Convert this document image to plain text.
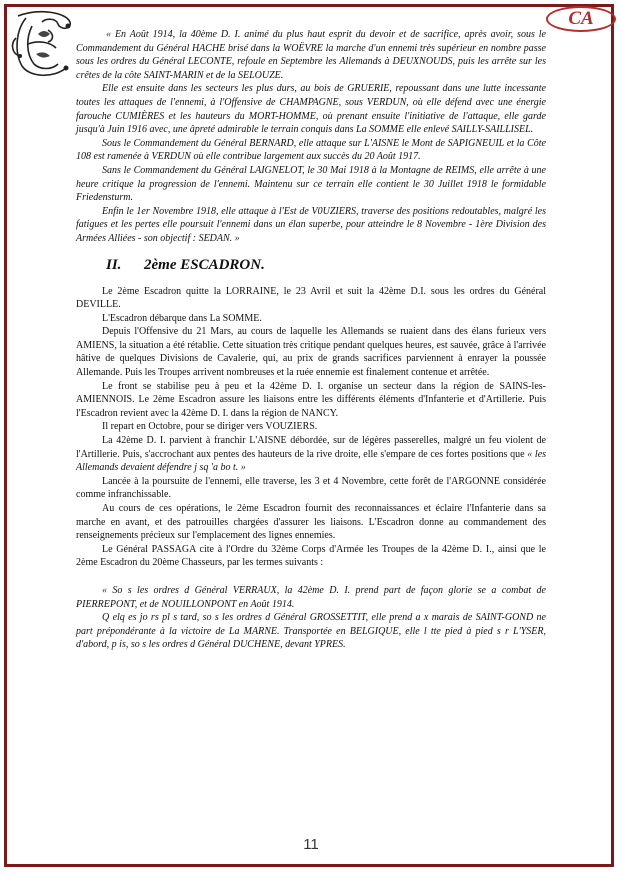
CA

« En Août 1914, la 40ème D. I. animé du plus haut esprit du devoir et de sacrifice, après avoir, sous le Commandement du Général HACHE brisé dans la WOËVRE la marche d'un ennemi très supérieur en nombre passe sous les ordres du Général LECONTE, refoule en Septembre les Allemands à DEUXNOUDS, puis les arrête sur les crêtes de la côte SAINT-MARIN et de la SELOUZE.

Elle est ensuite dans les secteurs les plus durs, au bois de GRUERIE, repoussant dans une lutte incessante toutes les attaques de l'ennemi, à l'Offensive de CHAMPAGNE, sous VERDUN, où elle défend avec une énergie farouche CUMIÈRES et les hauteurs du MORT-HOMME, où prenant ensuite l'initiative de l'attaque, elle garde jusqu'à Juin 1916 avec, une âpreté admirable le terrain conquis dans La SOMME elle enlevé SAILLY-SAILLISEL.

Sous le Commandement du Général BERNARD, elle attaque sur L'AISNE le Mont de SAPIGNEUIL et la Côte 108 est ramenée à VERDUN où elle contribue largement aux succès du 20 Août 1917.

Sans le Commandement du Général LAIGNELOT, le 30 Mai 1918 à la Montagne de REIMS, elle arrête à une heure critique la progression de l'ennemi. Maintenu sur ce terrain elle contient le 30 Juillet 1918 le formidable Friedensturm.

Enfin le 1er Novembre 1918, elle attaque à l'Est de V0UZIERS, traverse des positions redoutables, malgré les fatigues et les pertes elle poursuit l'ennemi dans un élan superbe, pour atteindre le 8 Novembre - 1ère Division des Armées Alliées - son objectif : SEDAN. »

II. 2ème ESCADRON.

Le 2ème Escadron quitte la LORRAINE, le 23 Avril et suit la 42ème D.I. sous les ordres du Général DEVILLE.

L'Escadron débarque dans La SOMME.

Depuis l'Offensive du 21 Mars, au cours de laquelle les Allemands se ruaient dans des élans furieux vers AMIENS, la situation a été rétablie. Cette situation très critique pendant quelques heures, est sauvée, grâce à l'arrivée hâtive de quelques Divisions de Cavalerie, qui, au prix de grands sacrifices parviennent à enrayer la poussée Allemande. Puis les Troupes arrivent nombreuses et la ruée ennemie est finalement contenue et arrêtée.

Le front se stabilise peu à peu et la 42ème D. I. organise un secteur dans la région de SAINS-les-AMIENNOIS. Le 2ème Escadron assure les liaisons entre les différents éléments d'Infanterie et d'Artillerie. Puis l'Escadron revient avec la 42ème D. I. dans la région de NANCY.

Il repart en Octobre, pour se diriger vers VOUZIERS.

La 42ème D. I. parvient à franchir L'AISNE débordée, sur de légères passerelles, malgré un feu violent de l'Artillerie. Puis, s'accrochant aux pentes des hauteurs de la rive droite, elle s'empare de ces fortes positions que « les Allemands devaient défendre j sq 'a bo t. »

Lancée à la poursuite de l'ennemi, elle traverse, les 3 et 4 Novembre, cette forêt de l'ARGONNE considérée comme infranchissable.

Au cours de ces opérations, le 2ème Escadron fournit des reconnaissances et éclaire l'Infanterie dans sa marche en avant, et des patrouilles chargées d'assurer les liaisons. L'Escadron donne au commandement des renseignements précieux sur l'emplacement des lignes ennemies.

Le Général PASSAGA cite à l'Ordre du 32ème Corps d'Armée les Troupes de la 42ème D. I., ainsi que le 2ème Escadron du 20ème Chasseurs, par les termes suivants :

« So s les ordres d Général VERRAUX, la 42ème D. I. prend part de façon glorie se a combat de PIERREPONT, et de NOUILLONPONT en Août 1914.

Q elq es jo rs pl s tard, so s les ordres d Général GROSSETTIT, elle prend a x marais de SAINT-GOND ne part prépondérante à la victoire de La MARNE. Transportée en BELGIQUE, elle l tte pied à pied s r L'YSER, d'abord, p is, so s les ordres d Général DUCHENE, devant YPRES.

11
